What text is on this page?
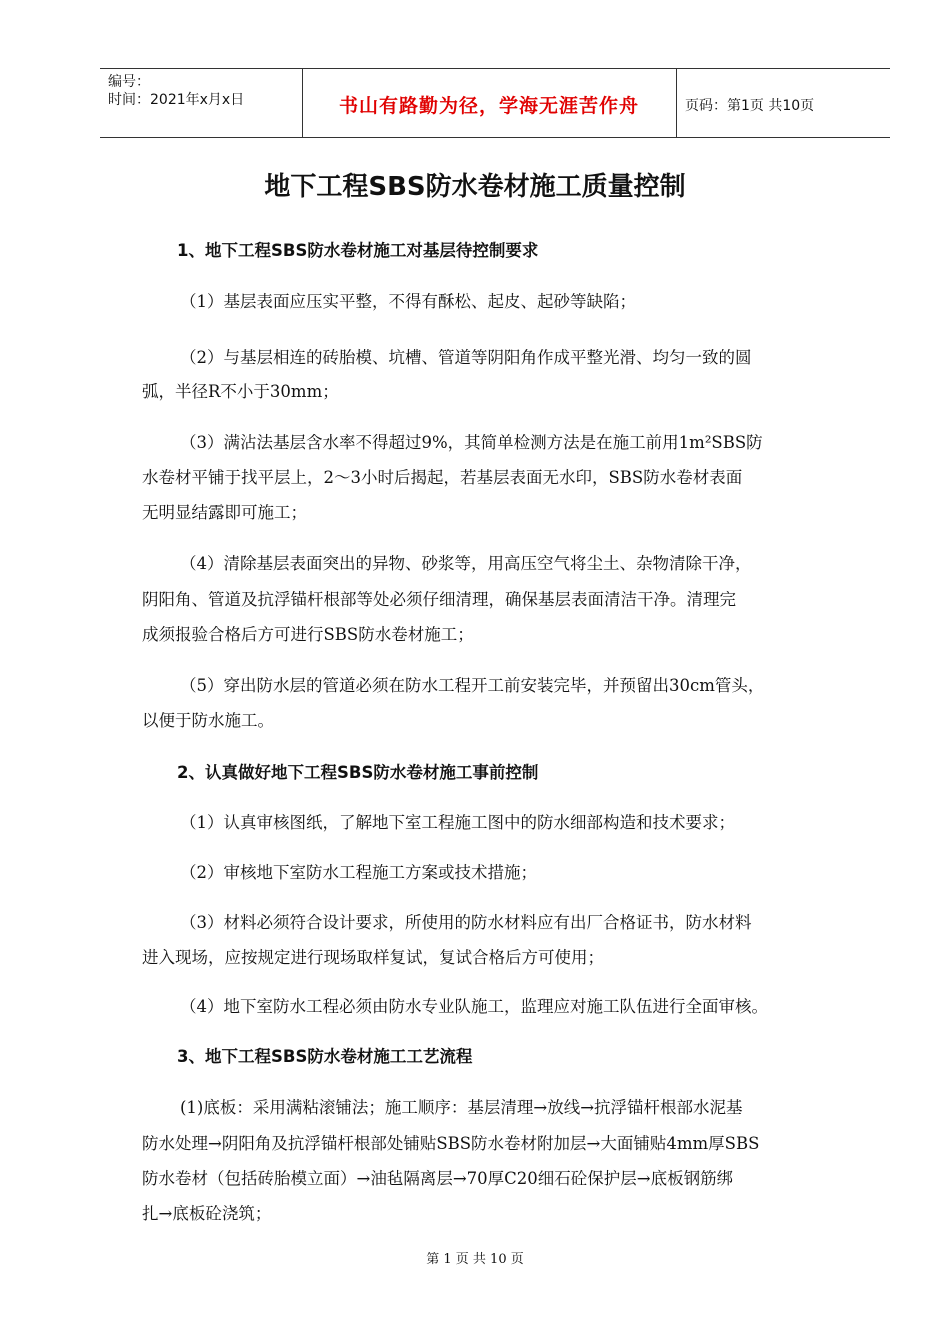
编号：
时间：2021年x月x日	书山有路勤为径，学海无涯苦作舟	页码：第1页 共10页
地下工程SBS防水卷材施工质量控制
1、地下工程SBS防水卷材施工对基层待控制要求
（1）基层表面应压实平整，不得有酥松、起皮、起砂等缺陷；
（2）与基层相连的砖胎模、坑槽、管道等阴阳角作成平整光滑、均匀一致的圆
弧，半径R不小于30mm；
（3）满沾法基层含水率不得超过9%，其简单检测方法是在施工前用1m²SBS防
水卷材平铺于找平层上，2～3小时后揭起，若基层表面无水印，SBS防水卷材表面
无明显结露即可施工；
（4）清除基层表面突出的异物、砂浆等，用高压空气将尘土、杂物清除干净，
阴阳角、管道及抗浮锚杆根部等处必须仔细清理，确保基层表面清洁干净。清理完
成须报验合格后方可进行SBS防水卷材施工；
（5）穿出防水层的管道必须在防水工程开工前安装完毕，并预留出30cm管头，
以便于防水施工。
2、认真做好地下工程SBS防水卷材施工事前控制
（1）认真审核图纸，了解地下室工程施工图中的防水细部构造和技术要求；
（2）审核地下室防水工程施工方案或技术措施；
（3）材料必须符合设计要求，所使用的防水材料应有出厂合格证书，防水材料
进入现场，应按规定进行现场取样复试，复试合格后方可使用；
（4）地下室防水工程必须由防水专业队施工，监理应对施工队伍进行全面审核。
3、地下工程SBS防水卷材施工工艺流程
(1)底板：采用满粘滚铺法；施工顺序：基层清理→放线→抗浮锚杆根部水泥基
防水处理→阴阳角及抗浮锚杆根部处铺贴SBS防水卷材附加层→大面铺贴4mm厚SBS
防水卷材（包括砖胎模立面）→油毡隔离层→70厚C20细石砼保护层→底板钢筋绑
扎→底板砼浇筑；
第 1 页 共 10 页
